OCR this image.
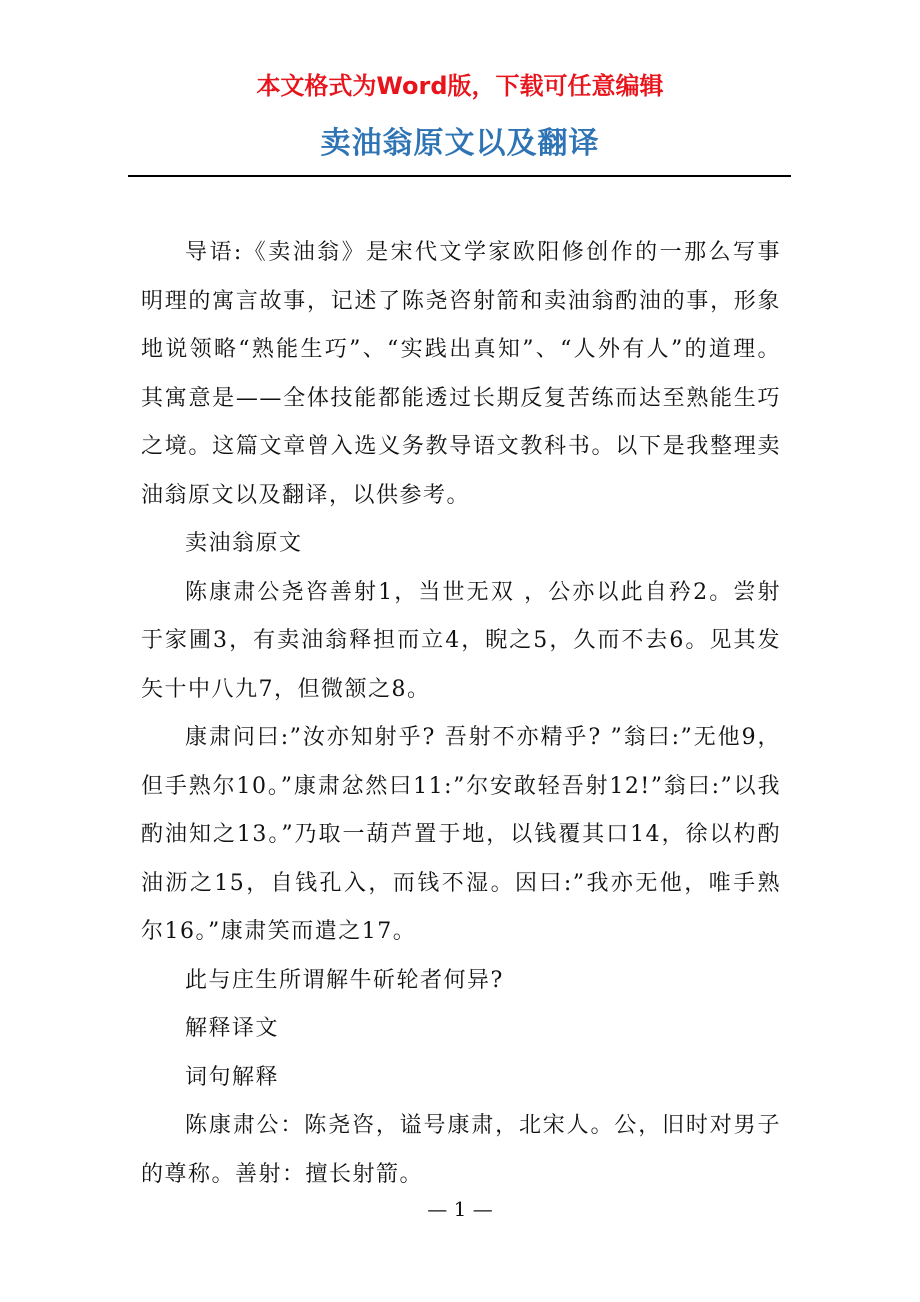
本文格式为Word版，下载可任意编辑
卖油翁原文以及翻译

导语:《卖油翁》是宋代文学家欧阳修创作的一那么写事明理的寓言故事，记述了陈尧咨射箭和卖油翁酌油的事，形象地说领略“熟能生巧”、“实践出真知”、“人外有人”的道理。其寓意是——全体技能都能透过长期反复苦练而达至熟能生巧之境。这篇文章曾入选义务教导语文教科书。以下是我整理卖油翁原文以及翻译，以供参考。

卖油翁原文

陈康肃公尧咨善射1，当世无双 ，公亦以此自矜2。尝射于家圃3，有卖油翁释担而立4，睨之5，久而不去6。见其发矢十中八九7，但微颔之8。

康肃问曰:”汝亦知射乎? 吾射不亦精乎? ”翁曰:”无他9， 但手熟尔10。”康肃忿然曰11:”尔安敢轻吾射12!”翁曰:”以我酌油知之13。”乃取一葫芦置于地，以钱覆其口14，徐以杓酌油沥之15，自钱孔入，而钱不湿。因曰:”我亦无他，唯手熟尔16。”康肃笑而遣之17。

此与庄生所谓解牛斫轮者何异?

解释译文

词句解释

陈康肃公：陈尧咨，谥号康肃，北宋人。公，旧时对男子的尊称。善射：擅长射箭。

— 1 —
